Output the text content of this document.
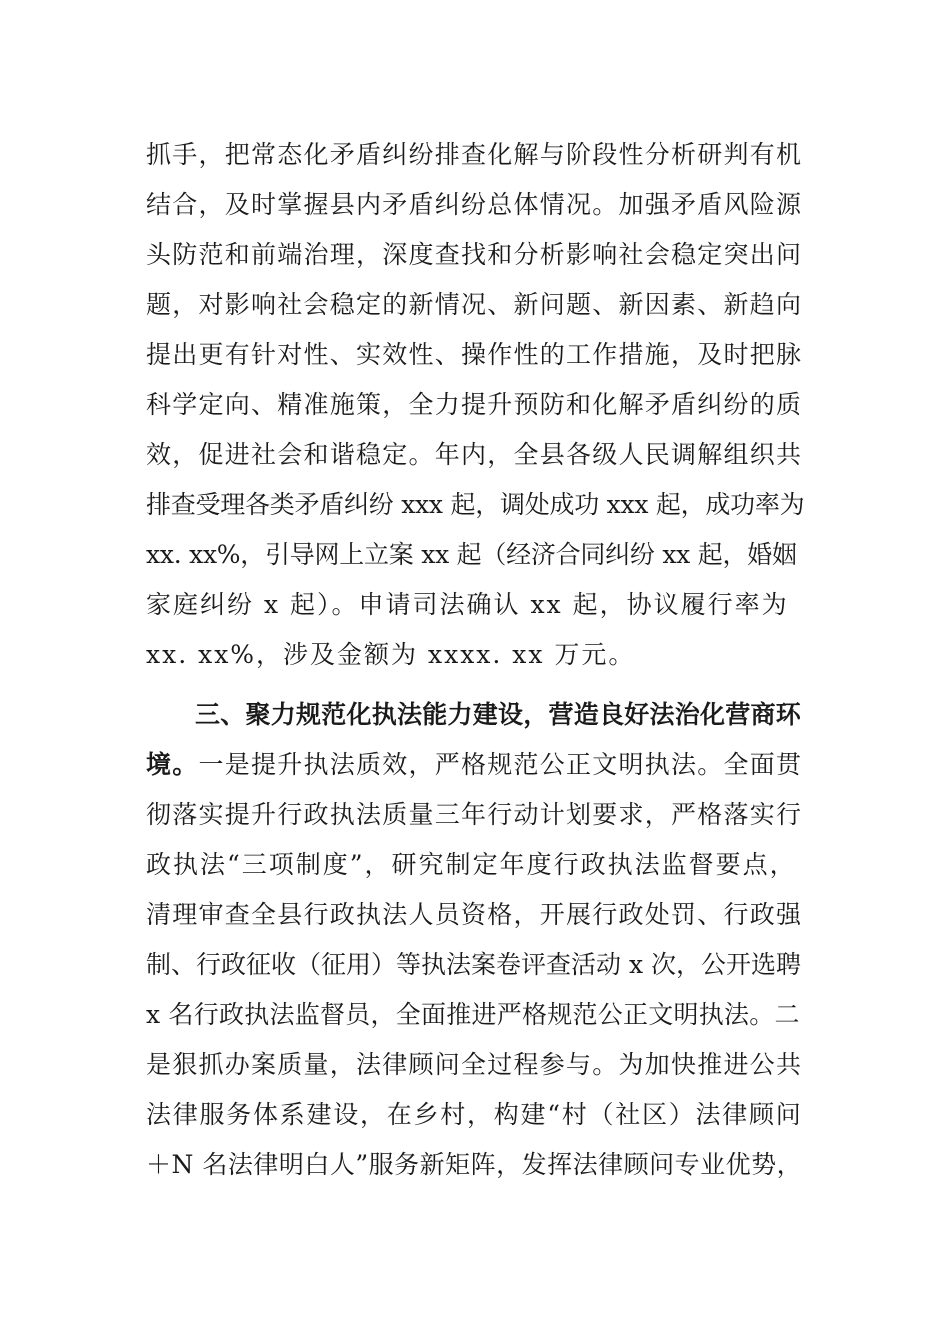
抓手，把常态化矛盾纠纷排查化解与阶段性分析研判有机
结合，及时掌握县内矛盾纠纷总体情况。加强矛盾风险源
头防范和前端治理，深度查找和分析影响社会稳定突出问
题，对影响社会稳定的新情况、新问题、新因素、新趋向
提出更有针对性、实效性、操作性的工作措施，及时把脉
科学定向、精准施策，全力提升预防和化解矛盾纠纷的质
效，促进社会和谐稳定。年内，全县各级人民调解组织共
排查受理各类矛盾纠纷 xxx 起，调处成功 xxx 起，成功率为
xx. xx%，引导网上立案 xx 起（经济合同纠纷 xx 起，婚姻
家庭纠纷 x 起）。申请司法确认 xx 起，协议履行率为
xx. xx%，涉及金额为 xxxx. xx 万元。
三、聚力规范化执法能力建设，营造良好法治化营商环
境。一是提升执法质效，严格规范公正文明执法。全面贯
彻落实提升行政执法质量三年行动计划要求，严格落实行
政执法“三项制度”，研究制定年度行政执法监督要点，
清理审查全县行政执法人员资格，开展行政处罚、行政强
制、行政征收（征用）等执法案卷评查活动 x 次，公开选聘
x 名行政执法监督员，全面推进严格规范公正文明执法。二
是狠抓办案质量，法律顾问全过程参与。为加快推进公共
法律服务体系建设，在乡村，构建“村（社区）法律顾问
＋N 名法律明白人”服务新矩阵，发挥法律顾问专业优势，
